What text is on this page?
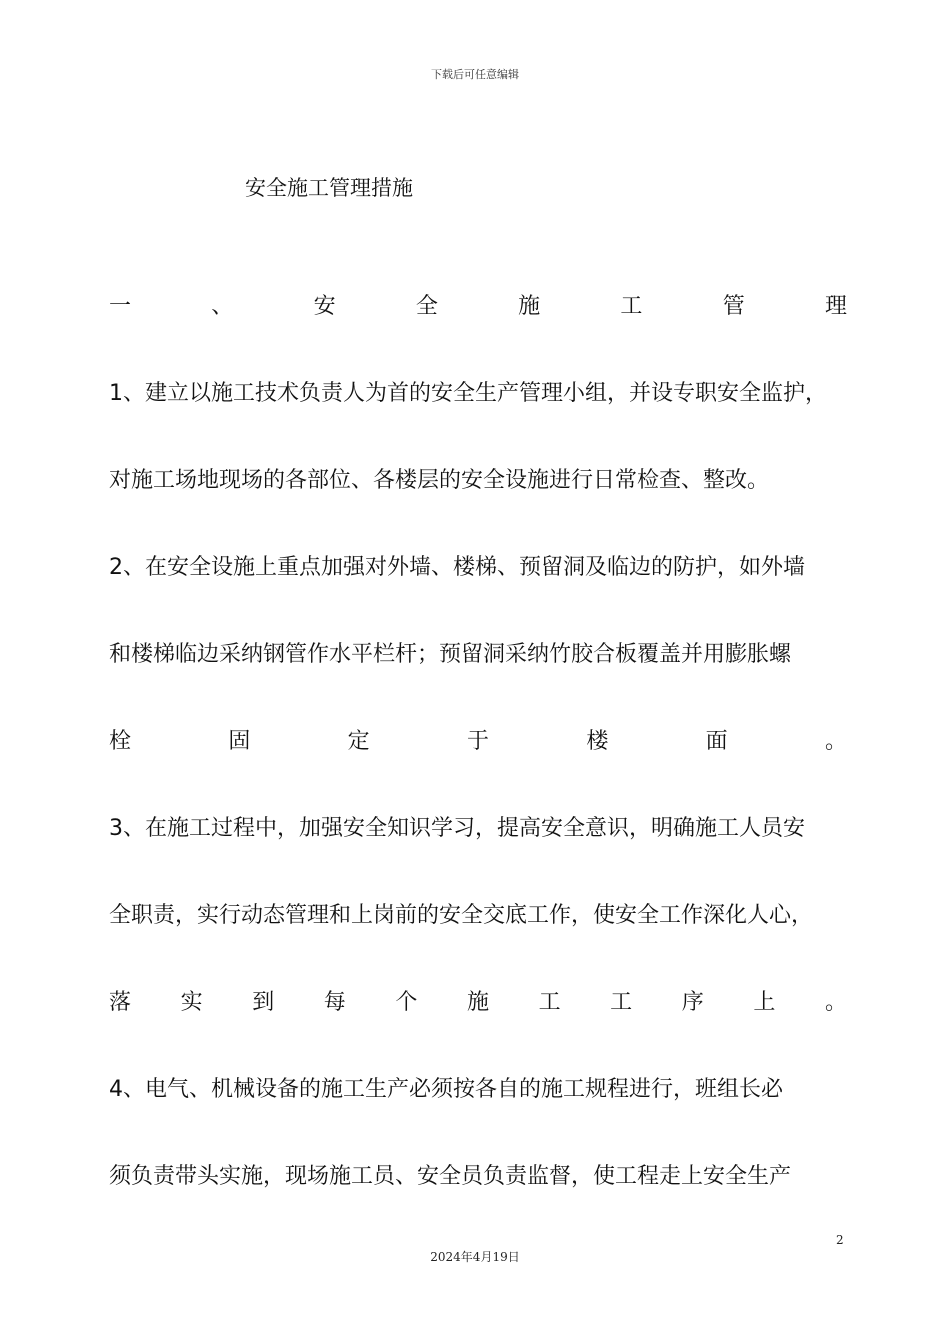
下载后可任意编辑
安全施工管理措施
一	、	安	全	施	工	管	理
1、建立以施工技术负责人为首的安全生产管理小组，并设专职安全监护，
对施工场地现场的各部位、各楼层的安全设施进行日常检查、整改。
2、在安全设施上重点加强对外墙、楼梯、预留洞及临边的防护，如外墙
和楼梯临边采纳钢管作水平栏杆；预留洞采纳竹胶合板覆盖并用膨胀螺
栓	固	定	于	楼	面	。
3、在施工过程中，加强安全知识学习，提高安全意识，明确施工人员安
全职责，实行动态管理和上岗前的安全交底工作，使安全工作深化人心，
落 实 到 每 个 施 工 工 序 上 。
4、电气、机械设备的施工生产必须按各自的施工规程进行，班组长必
须负责带头实施，现场施工员、安全员负责监督，使工程走上安全生产
2
2024年4月19日
